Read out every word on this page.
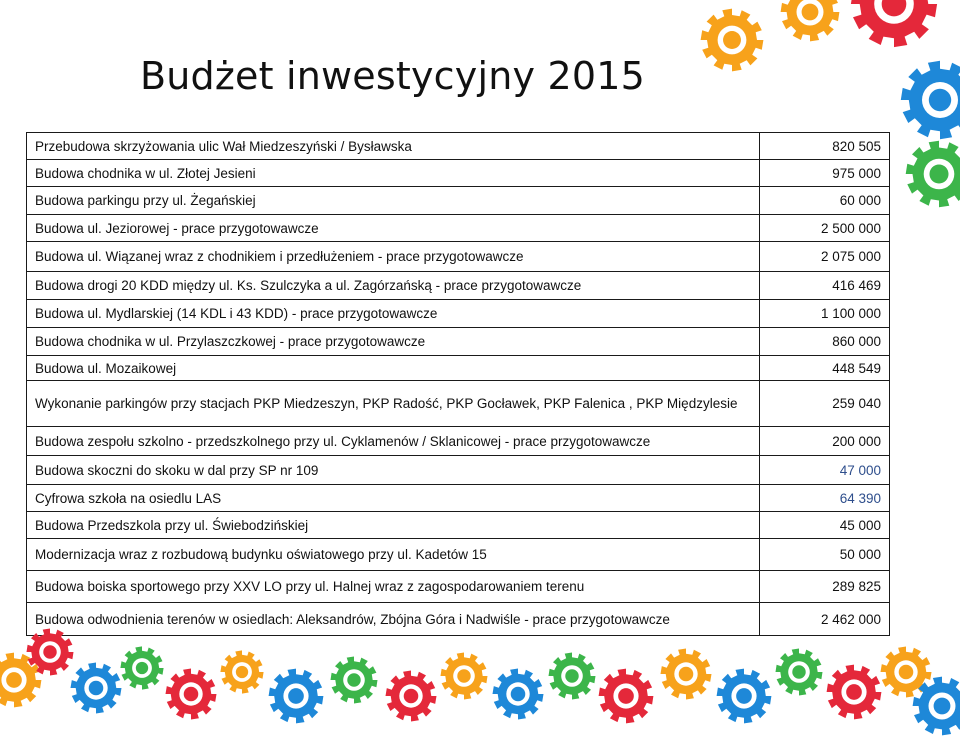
Budżet inwestycyjny 2015
Przebudowa skrzyżowania ulic Wał Miedzeszyński / Bysławska	820 505
Budowa chodnika w ul. Złotej Jesieni	975 000
Budowa parkingu przy ul. Żegańskiej	60 000
Budowa ul. Jeziorowej - prace przygotowawcze	2 500 000
Budowa ul. Wiązanej wraz z chodnikiem i przedłużeniem - prace przygotowawcze	2 075 000
Budowa drogi 20 KDD między ul. Ks. Szulczyka a ul. Zagórzańską - prace przygotowawcze	416 469
Budowa ul. Mydlarskiej (14 KDL i 43 KDD) - prace przygotowawcze	1 100 000
Budowa chodnika w ul. Przylaszczkowej - prace przygotowawcze	860 000
Budowa ul. Mozaikowej	448 549
Wykonanie parkingów przy stacjach PKP Miedzeszyn, PKP Radość, PKP Gocławek, PKP Falenica , PKP Międzylesie	259 040
Budowa zespołu szkolno - przedszkolnego przy ul. Cyklamenów / Sklanicowej - prace przygotowawcze	200 000
Budowa skoczni do skoku w dal przy SP nr 109	47 000
Cyfrowa szkoła na osiedlu LAS	64 390
Budowa Przedszkola przy ul. Świebodzińskiej	45 000
Modernizacja wraz z rozbudową budynku oświatowego przy ul. Kadetów 15	50 000
Budowa boiska sportowego przy XXV LO przy ul. Halnej wraz z zagospodarowaniem terenu	289 825
Budowa odwodnienia terenów w osiedlach: Aleksandrów, Zbójna Góra i Nadwiśle - prace przygotowawcze	2 462 000
